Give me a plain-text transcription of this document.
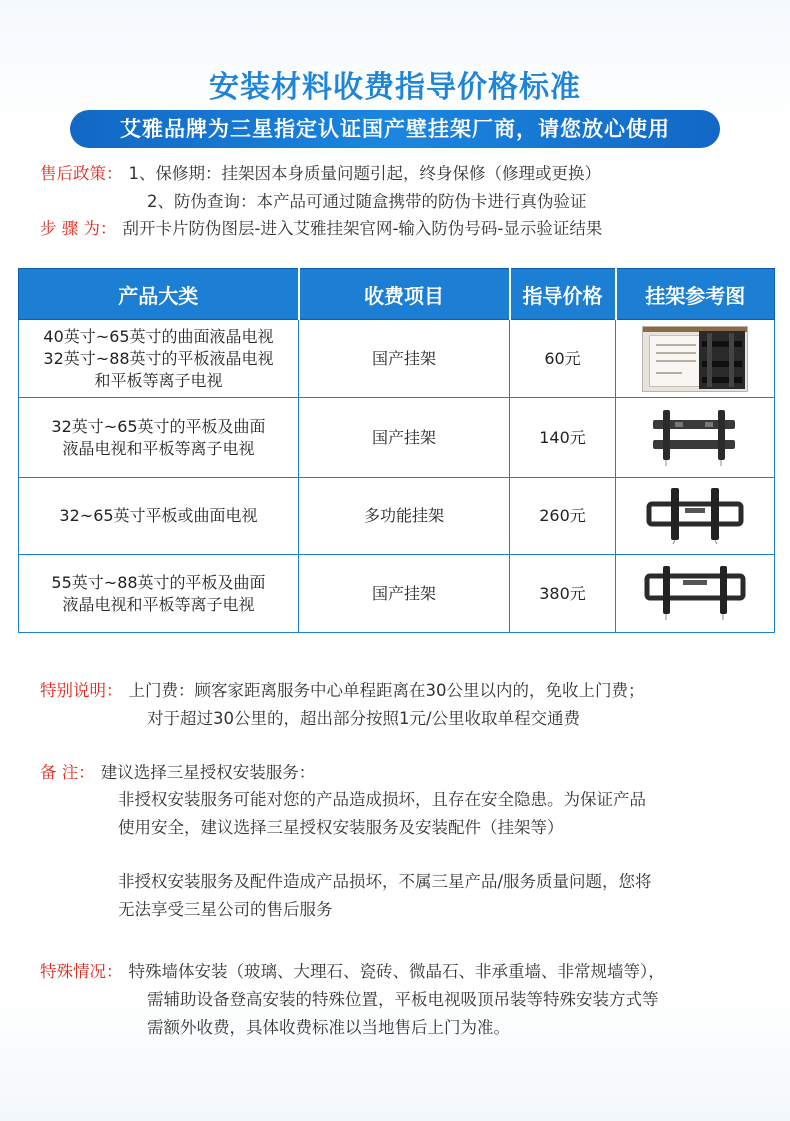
安装材料收费指导价格标准
艾雅品牌为三星指定认证国产壁挂架厂商，请您放心使用
售后政策： 1、保修期：挂架因本身质量问题引起，终身保修（修理或更换）
2、防伪查询：本产品可通过随盒携带的防伪卡进行真伪验证
步 骤 为： 刮开卡片防伪图层-进入艾雅挂架官网-输入防伪号码-显示验证结果
产品大类	收费项目	指导价格	挂架参考图

40英寸~65英寸的曲面液晶电视
32英寸~88英寸的平板液晶电视
和平板等离子电视	国产挂架	60元	

32英寸~65英寸的平板及曲面
液晶电视和平板等离子电视	国产挂架	140元	

32~65英寸平板或曲面电视	多功能挂架	260元	

55英寸~88英寸的平板及曲面
液晶电视和平板等离子电视	国产挂架	380元	
特别说明： 上门费：顾客家距离服务中心单程距离在30公里以内的，免收上门费；
对于超过30公里的，超出部分按照1元/公里收取单程交通费
备 注： 建议选择三星授权安装服务：
非授权安装服务可能对您的产品造成损坏，且存在安全隐患。为保证产品
使用安全，建议选择三星授权安装服务及安装配件（挂架等）
非授权安装服务及配件造成产品损坏，不属三星产品/服务质量问题，您将
无法享受三星公司的售后服务
特殊情况： 特殊墙体安装（玻璃、大理石、瓷砖、微晶石、非承重墙、非常规墙等），
需辅助设备登高安装的特殊位置，平板电视吸顶吊装等特殊安装方式等
需额外收费，具体收费标准以当地售后上门为准。
